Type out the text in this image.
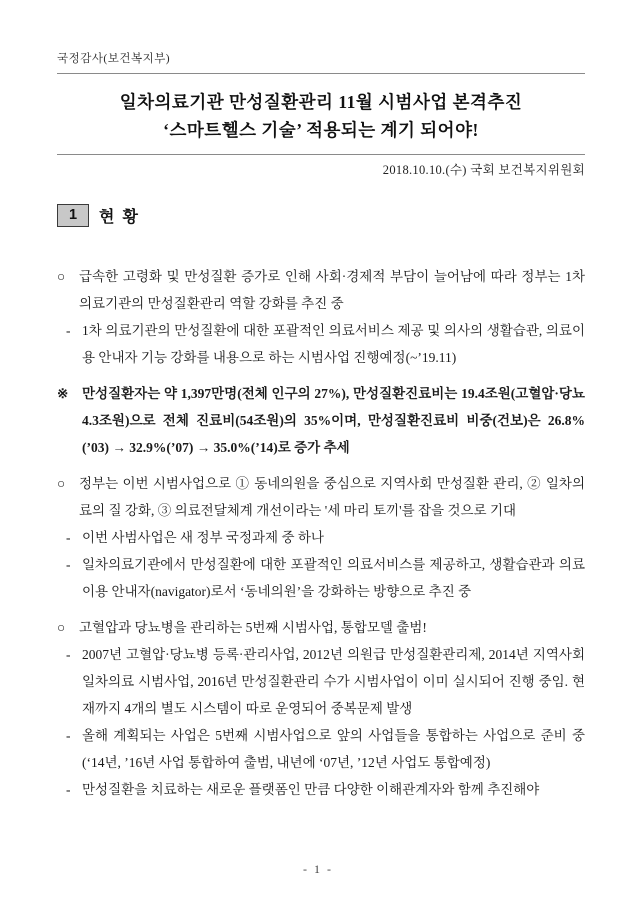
국정감사(보건복지부)
일차의료기관 만성질환관리 11월 시범사업 본격추진
‘스마트헬스 기술’ 적용되는 계기 되어야!
2018.10.10.(수) 국회 보건복지위원회
1	현 황
○	급속한 고령화 및 만성질환 증가로 인해 사회·경제적 부담이 늘어남에 따라 정부는 1차 의료기관의 만성질환관리 역할 강화를 추진 중
- 1차 의료기관의 만성질환에 대한 포괄적인 의료서비스 제공 및 의사의 생활습관, 의료이용 안내자 기능 강화를 내용으로 하는 시범사업 진행예정(~’19.11)
※	만성질환자는 약 1,397만명(전체 인구의 27%), 만성질환진료비는 19.4조원(고혈압·당뇨 4.3조원)으로 전체 진료비(54조원)의 35%이며, 만성질환진료비 비중(건보)은 26.8%(’03) → 32.9%(’07) → 35.0%(’14)로 증가 추세
○	정부는 이번 시범사업으로 ① 동네의원을 중심으로 지역사회 만성질환 관리, ② 일차의료의 질 강화, ③ 의료전달체계 개선이라는 '세 마리 토끼'를 잡을 것으로 기대
- 이번 사범사업은 새 정부 국정과제 중 하나
- 일차의료기관에서 만성질환에 대한 포괄적인 의료서비스를 제공하고, 생활습관과 의료이용 안내자(navigator)로서 ‘동네의원’을 강화하는 방향으로 추진 중
○	고혈압과 당뇨병을 관리하는 5번째 시범사업, 통합모델 출범!
- 2007년 고혈압·당뇨병 등록·관리사업, 2012년 의원급 만성질환관리제, 2014년 지역사회 일차의료 시범사업, 2016년 만성질환관리 수가 시범사업이 이미 실시되어 진행 중임. 현재까지 4개의 별도 시스템이 따로 운영되어 중복문제 발생
- 올해 계획되는 사업은 5번째 시범사업으로 앞의 사업들을 통합하는 사업으로 준비 중(‘14년, ’16년 사업 통합하여 출범, 내년에 ‘07년, ’12년 사업도 통합예정)
- 만성질환을 치료하는 새로운 플랫폼인 만큼 다양한 이해관계자와 함께 추진해야
- 1 -
